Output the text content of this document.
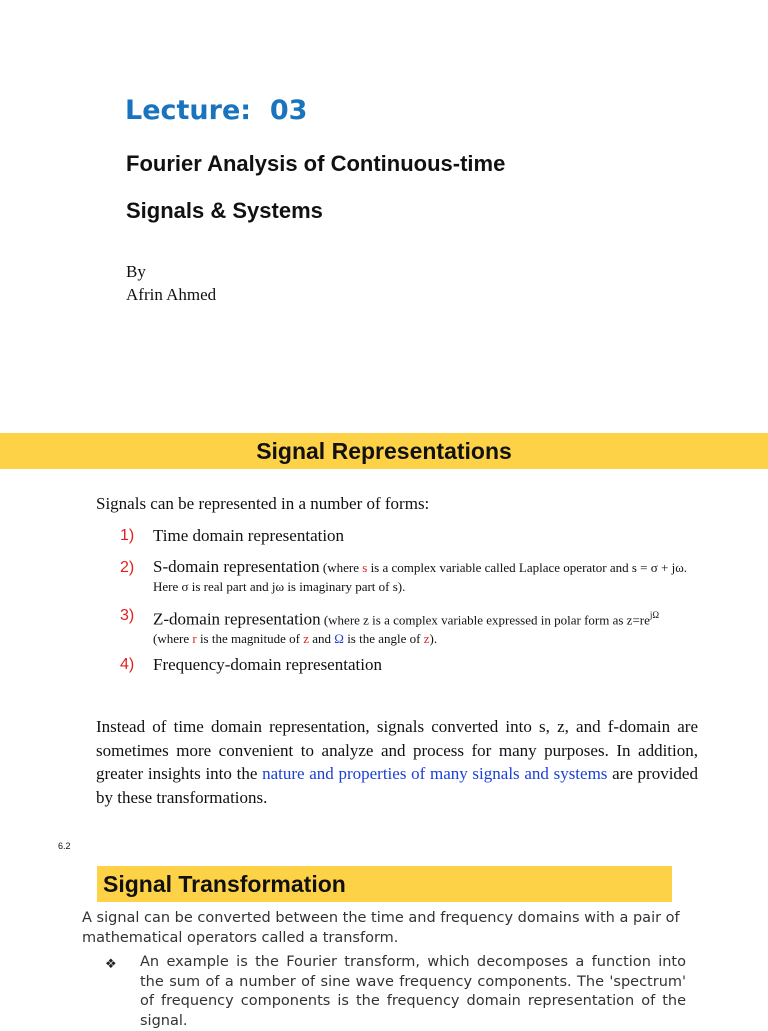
Lecture:  03
Fourier Analysis of Continuous-time
Signals & Systems
By
Afrin Ahmed
Signal Representations
Signals can be represented in a number of forms:
1) Time domain representation
2) S-domain representation (where s is a complex variable called Laplace operator and s = σ + jω. Here σ is real part and jω is imaginary part of s).
3) Z-domain representation (where z is a complex variable expressed in polar form as $z=re^{j\Omega}$ (where r is the magnitude of z and Ω is the angle of z).
4) Frequency-domain representation
Instead of time domain representation, signals converted into s, z, and f-domain are sometimes more convenient to analyze and process for many purposes. In addition, greater insights into the nature and properties of many signals and systems are provided by these transformations.
6.2
Signal Transformation
A signal can be converted between the time and frequency domains with a pair of mathematical operators called a transform.
❖ An example is the Fourier transform, which decomposes a function into the sum of a number of sine wave frequency components. The 'spectrum' of frequency components is the frequency domain representation of the signal.
